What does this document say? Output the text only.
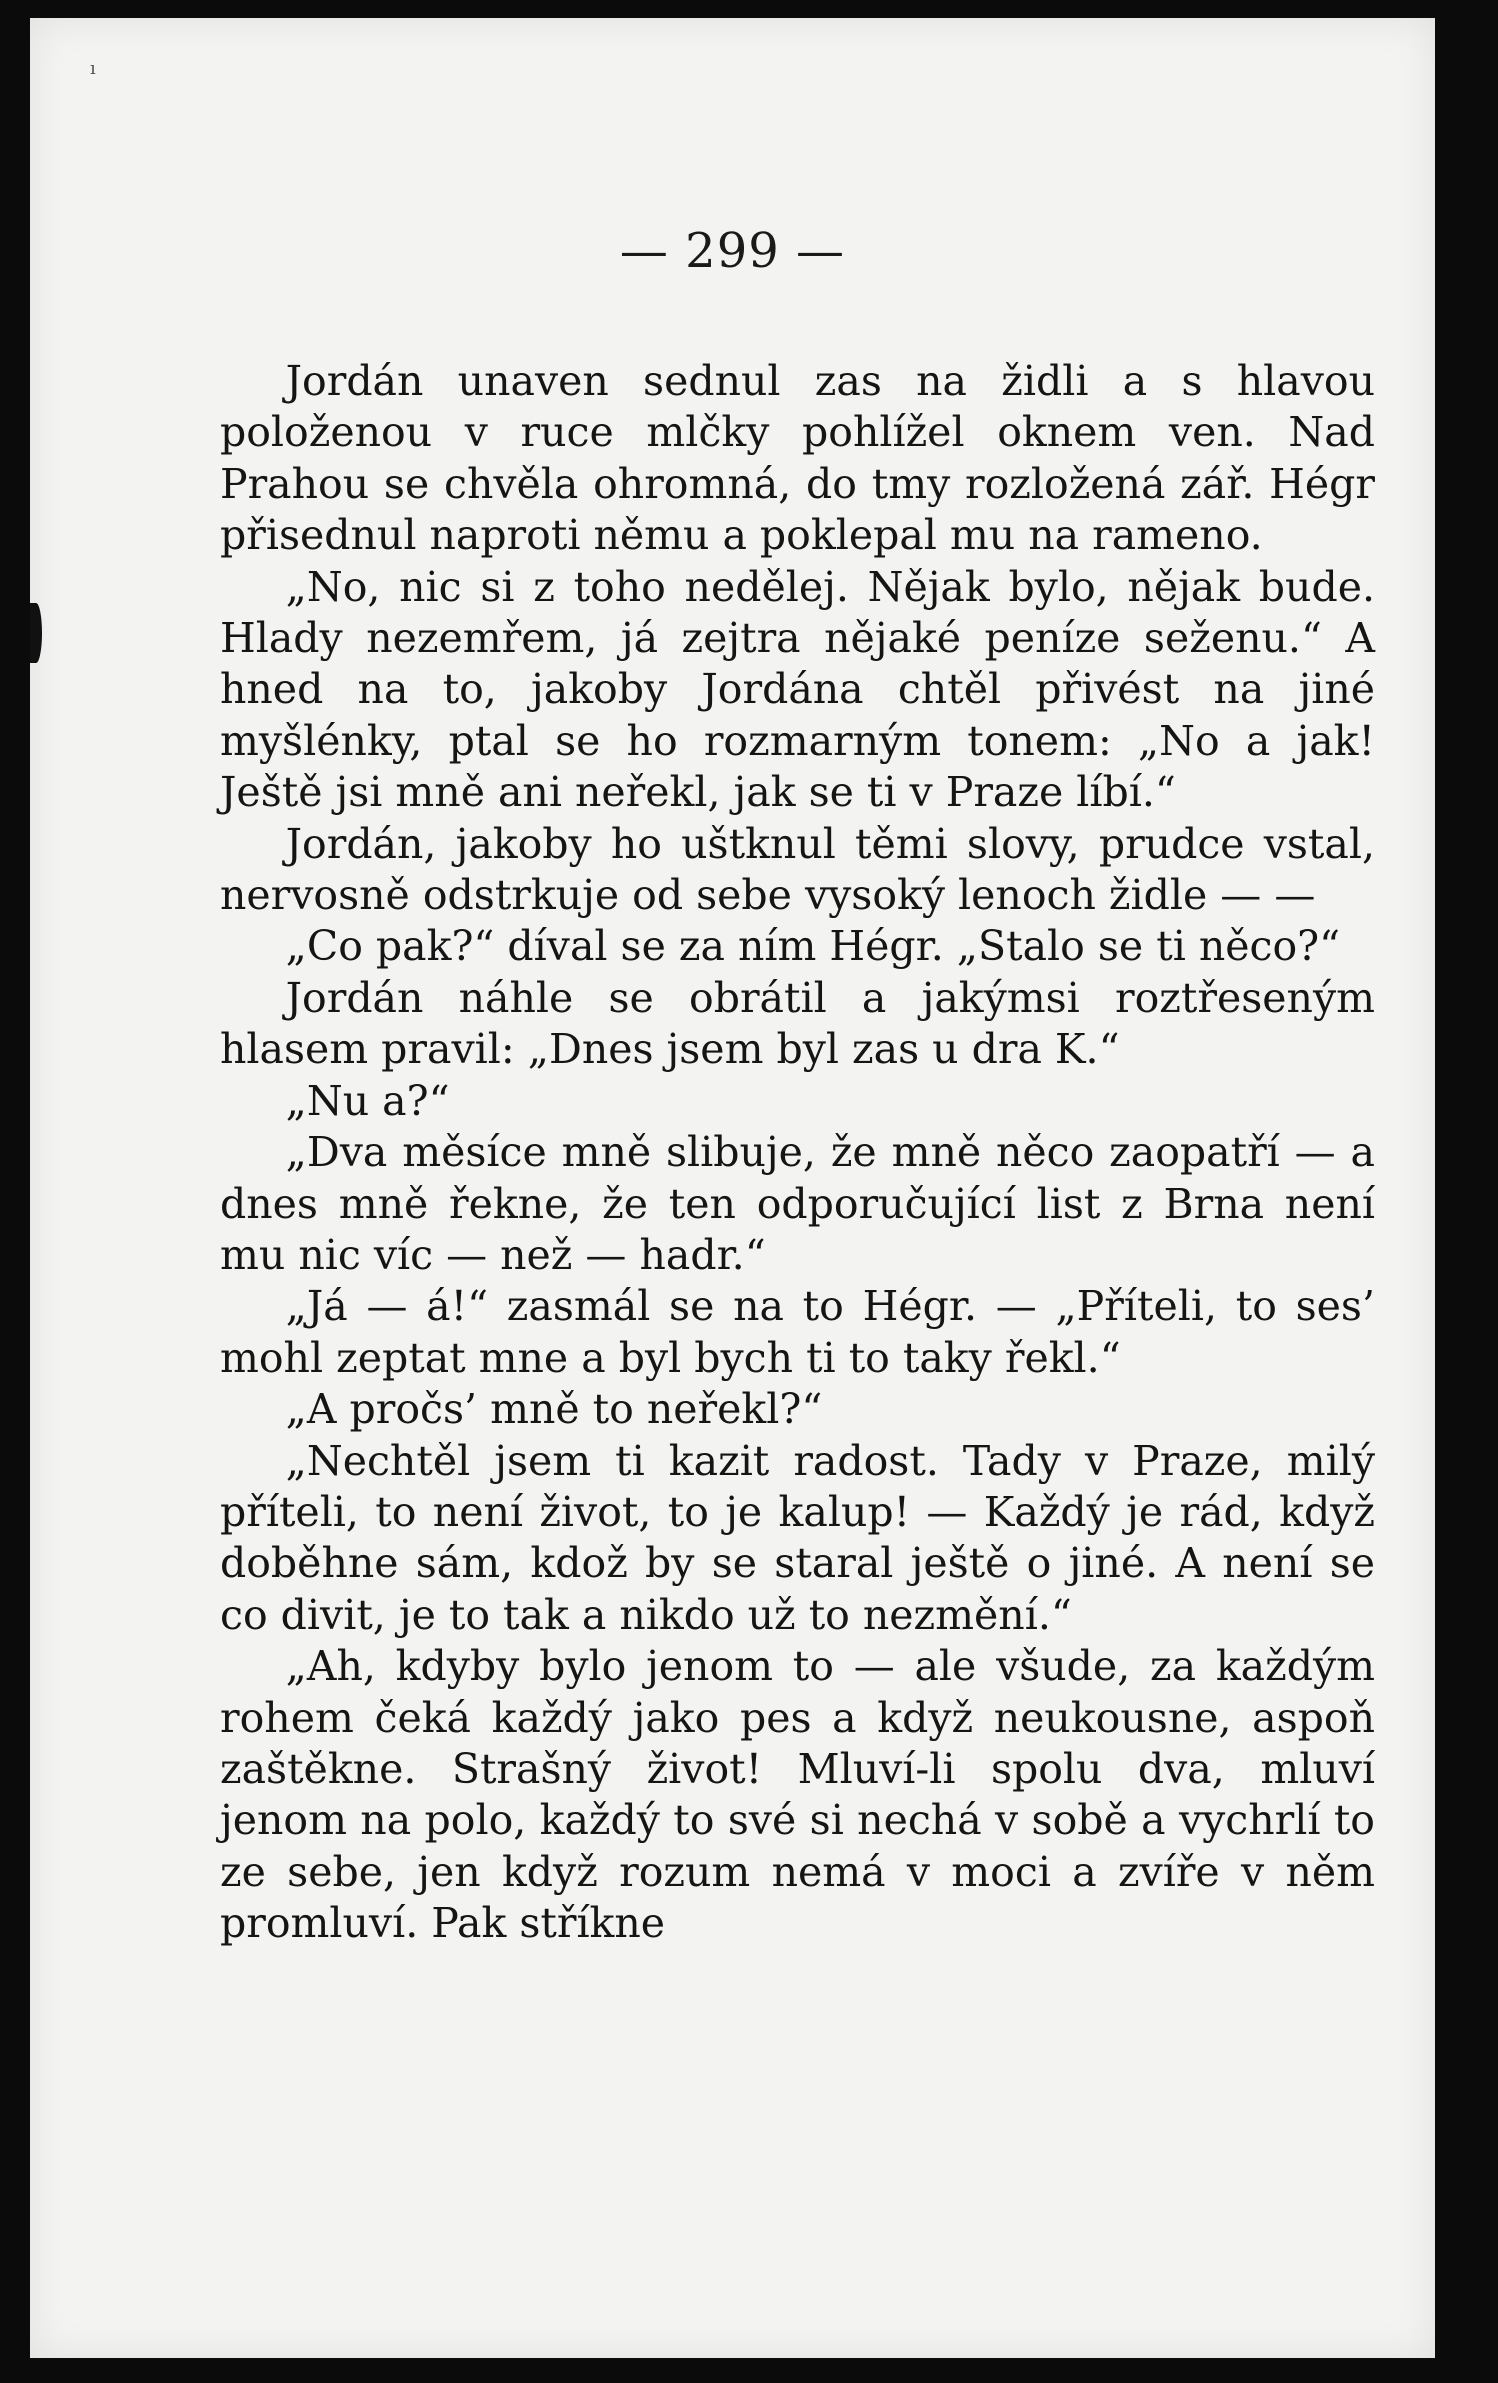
ı
— 299 —

Jordán unaven sednul zas na židli a s hlavou položenou v ruce mlčky pohlížel oknem ven. Nad Prahou se chvěla ohromná, do tmy rozložená zář. Hégr přisednul naproti němu a poklepal mu na rameno.

„No, nic si z toho nedělej. Nějak bylo, nějak bude. Hlady nezemřem, já zejtra nějaké peníze seženu.“ A hned na to, jakoby Jordána chtěl přivést na jiné myšlénky, ptal se ho rozmarným tonem: „No a jak! Ještě jsi mně ani neřekl, jak se ti v Praze líbí.“

Jordán, jakoby ho uštknul těmi slovy, prudce vstal, nervosně odstrkuje od sebe vysoký lenoch židle — —

„Co pak?“ díval se za ním Hégr. „Stalo se ti něco?“

Jordán náhle se obrátil a jakýmsi roztřeseným hlasem pravil: „Dnes jsem byl zas u dra K.“

„Nu a?“

„Dva měsíce mně slibuje, že mně něco zaopatří — a dnes mně řekne, že ten odporučující list z Brna není mu nic víc — než — hadr.“

„Já — á!“ zasmál se na to Hégr. — „Příteli, to ses’ mohl zeptat mne a byl bych ti to taky řekl.“

„A pročs’ mně to neřekl?“

„Nechtěl jsem ti kazit radost. Tady v Praze, milý příteli, to není život, to je kalup! — Každý je rád, když doběhne sám, kdož by se staral ještě o jiné. A není se co divit, je to tak a nikdo už to nezmění.“

„Ah, kdyby bylo jenom to — ale všude, za každým rohem čeká každý jako pes a když neukousne, aspoň zaštěkne. Strašný život! Mluví-li spolu dva, mluví jenom na polo, každý to své si nechá v sobě a vychrlí to ze sebe, jen když rozum nemá v moci a zvíře v něm promluví. Pak stříkne
